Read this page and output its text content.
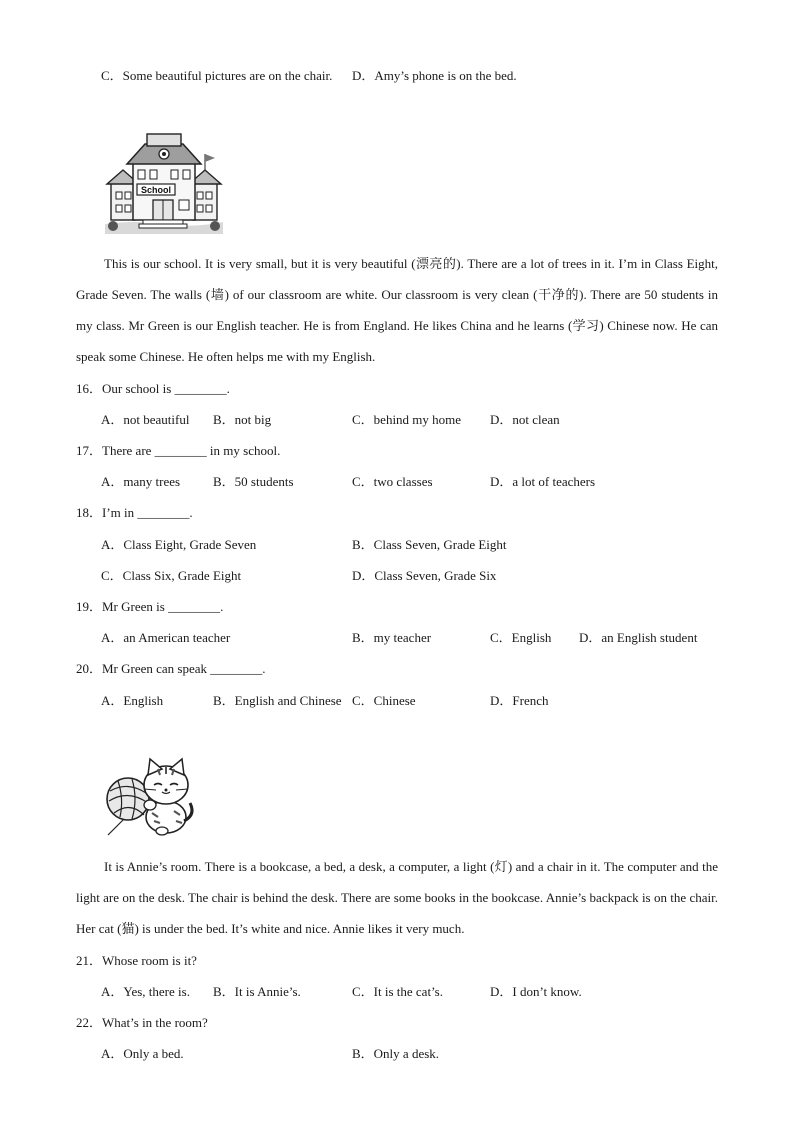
C．Some beautiful pictures are on the chair. D．Amy’s phone is on the bed.
School
This is our school. It is very small, but it is very beautiful (漂亮的). There are a lot of trees in it. I’m in Class Eight, Grade Seven. The walls (墙) of our classroom are white. Our classroom is very clean (干净的). There are 50 students in my class. Mr Green is our English teacher. He is from England. He likes China and he learns (学习) Chinese now. He can speak some Chinese. He often helps me with my English.
16．Our school is ________.
A．not beautiful B．not big	C．behind my home D．not clean
17．There are ________ in my school.
A．many trees	B．50 students	C．two classes	D．a lot of teachers
18．I’m in ________.
A．Class Eight, Grade Seven	B．Class Seven, Grade Eight
C．Class Six, Grade Eight	D．Class Seven, Grade Six
19．Mr Green is ________.
A．an American teacher	B．my teacher	C．English D．an English student
20．Mr Green can speak ________.
A．English	B．English and Chinese C．Chinese	D．French
It is Annie’s room. There is a bookcase, a bed, a desk, a computer, a light (灯) and a chair in it. The computer and the light are on the desk. The chair is behind the desk. There are some books in the bookcase. Annie’s backpack is on the chair. Her cat (猫) is under the bed. It’s white and nice. Annie likes it very much.
21．Whose room is it?
A．Yes, there is. B．It is Annie’s.	C．It is the cat’s.	D．I don’t know.
22．What’s in the room?
A．Only a bed.	B．Only a desk.
